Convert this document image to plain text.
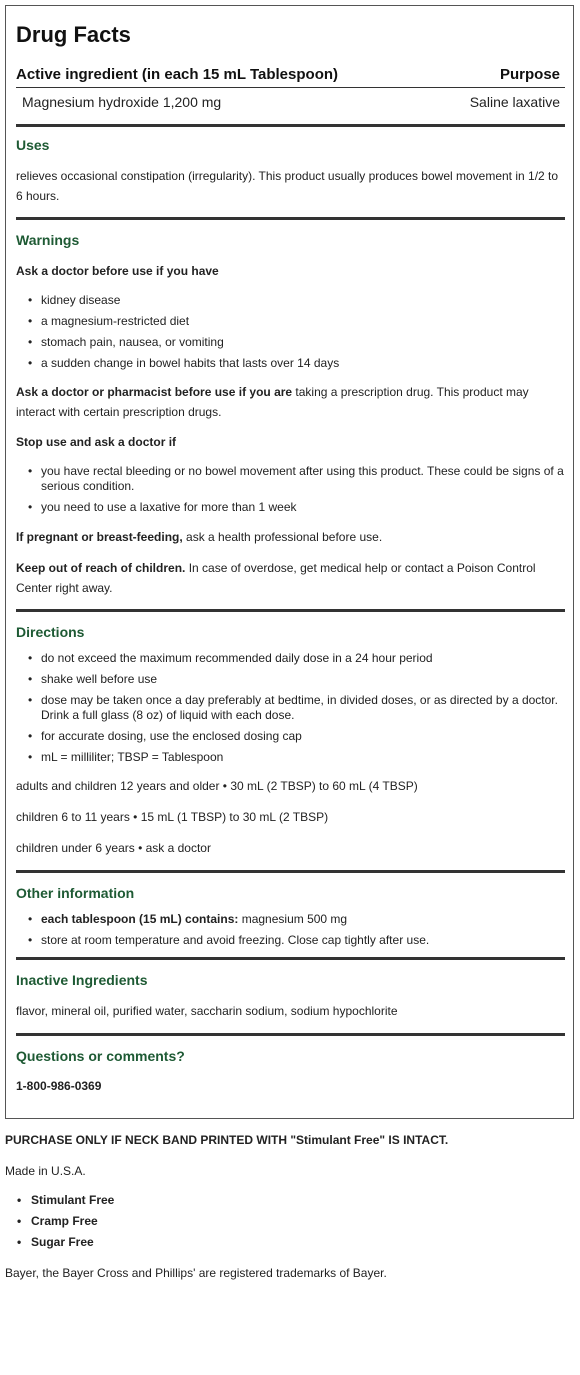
Drug Facts
Active ingredient (in each 15 mL Tablespoon)	Purpose
Magnesium hydroxide 1,200 mg	Saline laxative
Uses
relieves occasional constipation (irregularity). This product usually produces bowel movement in 1/2 to 6 hours.
Warnings
Ask a doctor before use if you have
• kidney disease
• a magnesium-restricted diet
• stomach pain, nausea, or vomiting
• a sudden change in bowel habits that lasts over 14 days
Ask a doctor or pharmacist before use if you are taking a prescription drug. This product may interact with certain prescription drugs.
Stop use and ask a doctor if
• you have rectal bleeding or no bowel movement after using this product. These could be signs of a serious condition.
• you need to use a laxative for more than 1 week
If pregnant or breast-feeding, ask a health professional before use.
Keep out of reach of children. In case of overdose, get medical help or contact a Poison Control Center right away.
Directions
• do not exceed the maximum recommended daily dose in a 24 hour period
• shake well before use
• dose may be taken once a day preferably at bedtime, in divided doses, or as directed by a doctor. Drink a full glass (8 oz) of liquid with each dose.
• for accurate dosing, use the enclosed dosing cap
• mL = milliliter; TBSP = Tablespoon
adults and children 12 years and older • 30 mL (2 TBSP) to 60 mL (4 TBSP)
children 6 to 11 years • 15 mL (1 TBSP) to 30 mL (2 TBSP)
children under 6 years • ask a doctor
Other information
• each tablespoon (15 mL) contains: magnesium 500 mg
• store at room temperature and avoid freezing. Close cap tightly after use.
Inactive Ingredients
flavor, mineral oil, purified water, saccharin sodium, sodium hypochlorite
Questions or comments?
1-800-986-0369
PURCHASE ONLY IF NECK BAND PRINTED WITH "Stimulant Free" IS INTACT.
Made in U.S.A.
• Stimulant Free
• Cramp Free
• Sugar Free
Bayer, the Bayer Cross and Phillips' are registered trademarks of Bayer.
